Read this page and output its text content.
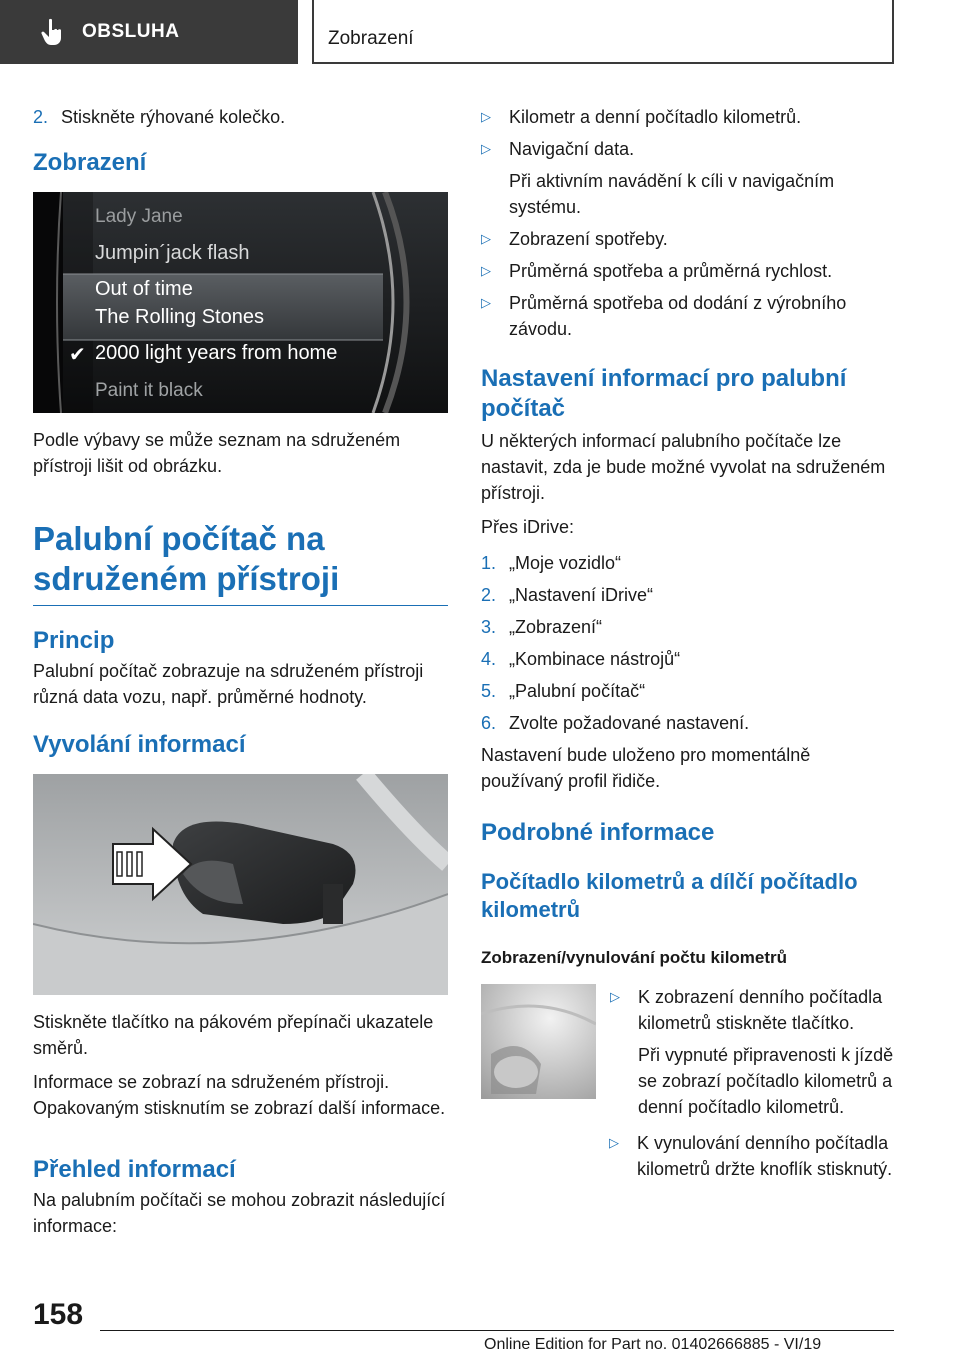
OBSLUHA	Zobrazení
2. Stiskněte rýhované kolečko.
Zobrazení
Lady Jane
Jumpin´jack flash
Out of time
The Rolling Stones
✔ 2000 light years from home
Paint it black

Podle výbavy se může seznam na sdruženém přístroji lišit od obrázku.

Palubní počítač na sdruženém přístroji
Princip

Palubní počítač zobrazuje na sdruženém přístroji různá data vozu, např. průměrné hodnoty.

Vyvolání informací

Stiskněte tlačítko na pákovém přepínači ukazatele směrů.

Informace se zobrazí na sdruženém přístroji. Opakovaným stisknutím se zobrazí další informace.

Přehled informací

Na palubním počítači se mohou zobrazit následující informace:

▷	Kilometr a denní počítadlo kilometrů.
▷	Navigační data.
Při aktivním navádění k cíli v navigačním systému.
▷	Zobrazení spotřeby.
▷	Průměrná spotřeba a průměrná rychlost.
▷	Průměrná spotřeba od dodání z výrobního závodu.
Nastavení informací pro palubní počítač

U některých informací palubního počítače lze nastavit, zda je bude možné vyvolat na sdruženém přístroji.

Přes iDrive:

1. „Moje vozidlo“
2. „Nastavení iDrive“
3. „Zobrazení“
4. „Kombinace nástrojů“
5. „Palubní počítač“
6. Zvolte požadované nastavení.

Nastavení bude uloženo pro momentálně používaný profil řidiče.

Podrobné informace
Počítadlo kilometrů a dílčí počítadlo kilometrů
Zobrazení/vynulování počtu kilometrů
▷	K zobrazení denního počítadla kilometrů stiskněte tlačítko.
Při vypnuté připravenosti k jízdě se zobrazí počítadlo kilometrů a denní počítadlo kilometrů.
▷	K vynulování denního počítadla kilometrů držte knoflík stisknutý.
158
Online Edition for Part no. 01402666885 - VI/19
